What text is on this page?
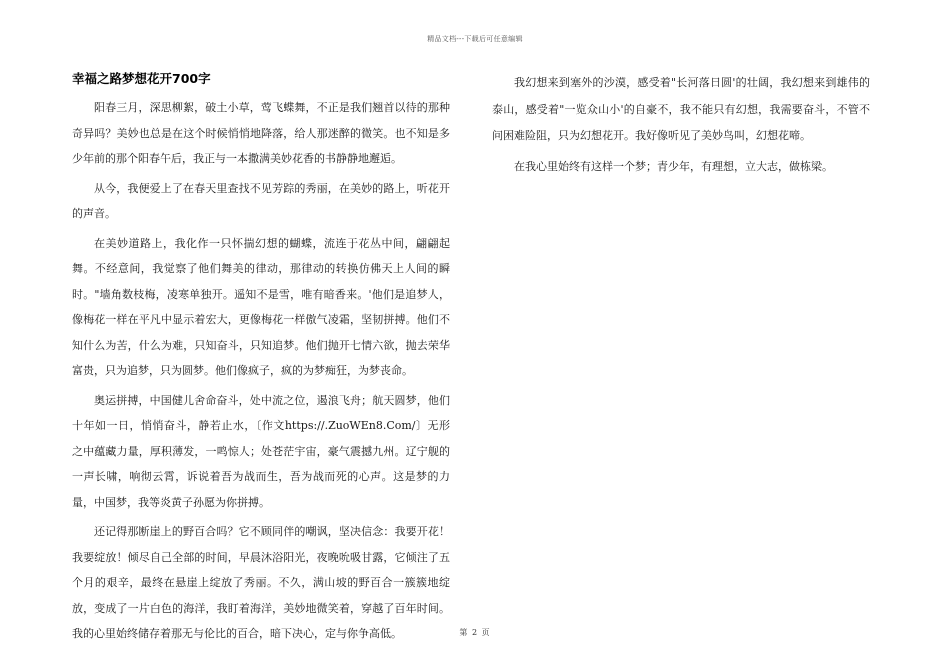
精品文档---下载后可任意编辑
幸福之路梦想花开700字

阳春三月，深思柳絮，破土小草，莺飞蝶舞，不正是我们翘首以待的那种奇异吗？美妙也总是在这个时候悄悄地降落，给人那迷醉的微笑。也不知是多少年前的那个阳春午后，我正与一本撒满美妙花香的书静静地邂逅。

从今，我便爱上了在春天里查找不见芳踪的秀丽，在美妙的路上，听花开的声音。

在美妙道路上，我化作一只怀揣幻想的蝴蝶，流连于花丛中间，翩翩起舞。不经意间，我觉察了他们舞美的律动，那律动的转换仿佛天上人间的瞬时。"墙角数枝梅，凌寒单独开。遥知不是雪，唯有暗香来。'他们是追梦人，像梅花一样在平凡中显示着宏大，更像梅花一样傲气凌霜，坚韧拼搏。他们不知什么为苦，什么为难，只知奋斗，只知追梦。他们抛开七情六欲，抛去荣华富贵，只为追梦，只为圆梦。他们像疯子，疯的为梦痴狂，为梦丧命。

奥运拼搏，中国健儿舍命奋斗，处中流之位，遏浪飞舟；航天圆梦，他们十年如一日，悄悄奋斗，静若止水，〔作文https://.ZuoWEn8.Com/〕无形之中蕴藏力量，厚积薄发，一鸣惊人；处苍茫宇宙，豪气震撼九州。辽宁舰的一声长啸，响彻云霄，诉说着吾为战而生，吾为战而死的心声。这是梦的力量，中国梦，我等炎黄子孙愿为你拼搏。

还记得那断崖上的野百合吗？它不顾同伴的嘲讽，坚决信念：我要开花！我要绽放！倾尽自己全部的时间，早晨沐浴阳光，夜晚吮吸甘露，它倾注了五个月的艰辛，最终在悬崖上绽放了秀丽。不久，满山坡的野百合一簇簇地绽放，变成了一片白色的海洋，我盯着海洋，美妙地微笑着，穿越了百年时间。我的心里始终储存着那无与伦比的百合，暗下决心，定与你争高低。

我幻想来到塞外的沙漠，感受着"长河落日圆'的壮阔，我幻想来到雄伟的泰山，感受着"一览众山小'的自豪不，我不能只有幻想，我需要奋斗，不管不问困难险阻，只为幻想花开。我好像听见了美妙鸟叫，幻想花啼。

在我心里始终有这样一个梦；青少年，有理想，立大志，做栋梁。

第 2 页
